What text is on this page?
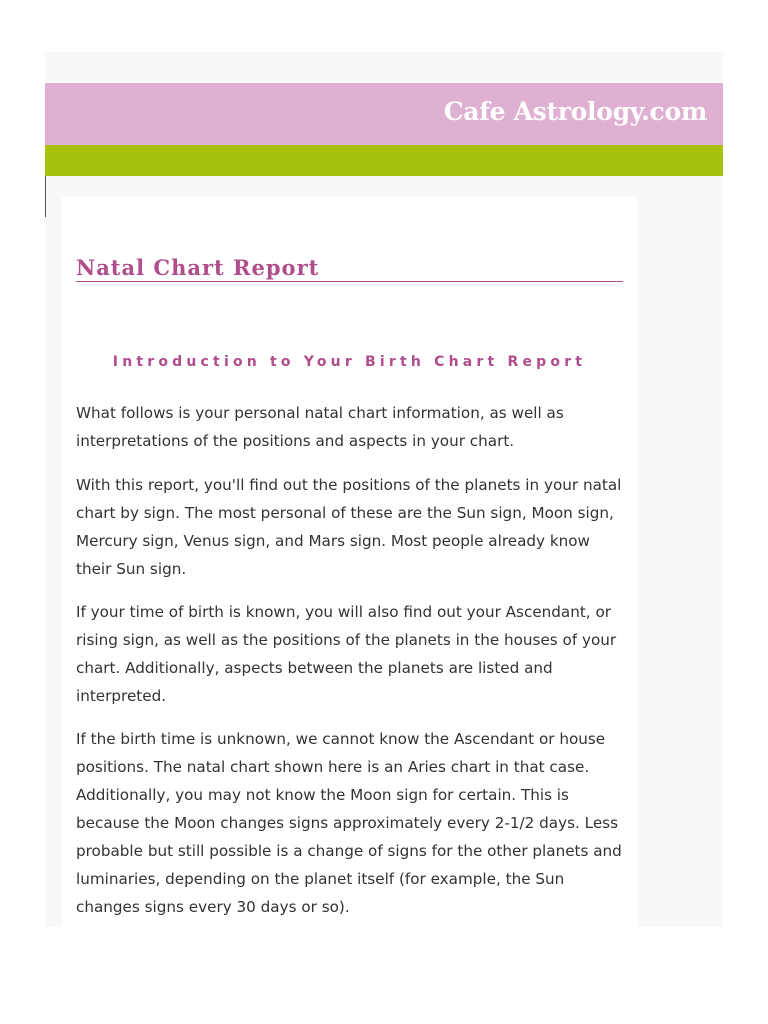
Cafe Astrology.com
Natal Chart Report
Introduction to Your Birth Chart Report

What follows is your personal natal chart information, as well as interpretations of the positions and aspects in your chart.

With this report, you'll find out the positions of the planets in your natal chart by sign. The most personal of these are the Sun sign, Moon sign, Mercury sign, Venus sign, and Mars sign. Most people already know their Sun sign.

If your time of birth is known, you will also find out your Ascendant, or rising sign, as well as the positions of the planets in the houses of your chart. Additionally, aspects between the planets are listed and interpreted.

If the birth time is unknown, we cannot know the Ascendant or house positions. The natal chart shown here is an Aries chart in that case. Additionally, you may not know the Moon sign for certain. This is because the Moon changes signs approximately every 2-1/2 days. Less probable but still possible is a change of signs for the other planets and luminaries, depending on the planet itself (for example, the Sun changes signs every 30 days or so).
